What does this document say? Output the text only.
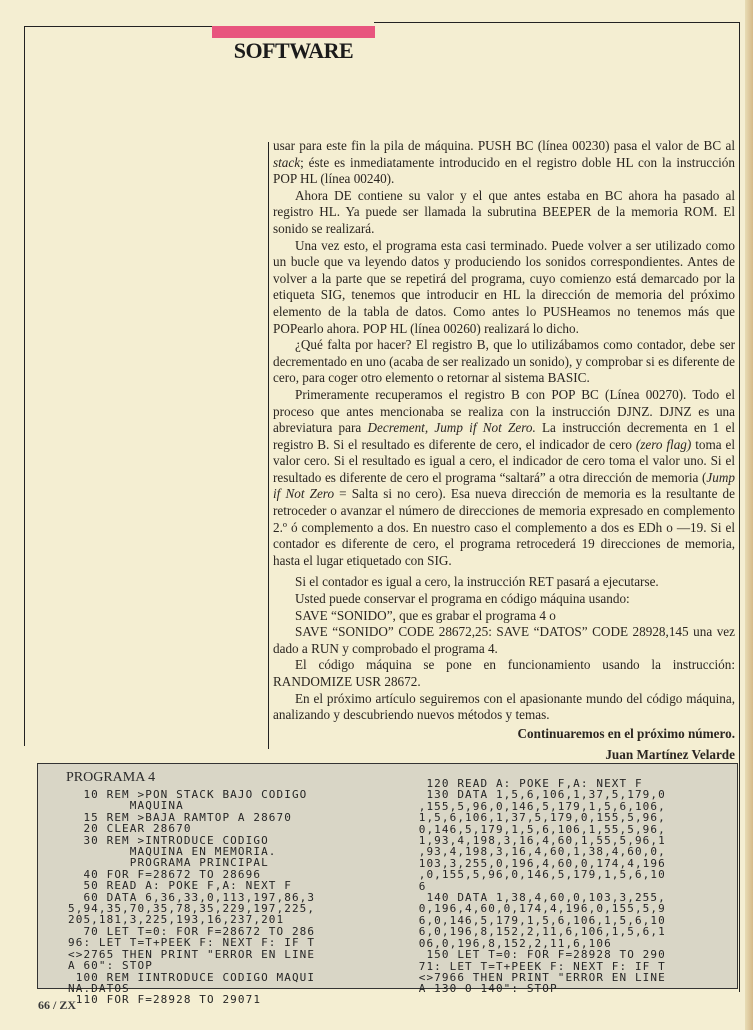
SOFTWARE

usar para este fin la pila de máquina. PUSH BC (línea 00230) pasa el valor de BC al stack; éste es inmediatamente introducido en el registro doble HL con la instrucción POP HL (línea 00240).

Ahora DE contiene su valor y el que antes estaba en BC ahora ha pasado al registro HL. Ya puede ser llamada la subrutina BEEPER de la memoria ROM. El sonido se realizará.

Una vez esto, el programa esta casi terminado. Puede volver a ser utilizado como un bucle que va leyendo datos y produciendo los sonidos correspondientes. Antes de volver a la parte que se repetirá del programa, cuyo comienzo está demarcado por la etiqueta SIG, tenemos que introducir en HL la dirección de memoria del próximo elemento de la tabla de datos. Como antes lo PUSHeamos no tenemos más que POPearlo ahora. POP HL (línea 00260) realizará lo dicho.

¿Qué falta por hacer? El registro B, que lo utilizábamos como contador, debe ser decrementado en uno (acaba de ser realizado un sonido), y comprobar si es diferente de cero, para coger otro elemento o retornar al sistema BASIC.

Primeramente recuperamos el registro B con POP BC (Línea 00270). Todo el proceso que antes mencionaba se realiza con la instrucción DJNZ. DJNZ es una abreviatura para Decrement, Jump if Not Zero. La instrucción decrementa en 1 el registro B. Si el resultado es diferente de cero, el indicador de cero (zero flag) toma el valor cero. Si el resultado es igual a cero, el indicador de cero toma el valor uno. Si el resultado es diferente de cero el programa “saltará” a otra dirección de memoria (Jump if Not Zero = Salta si no cero). Esa nueva dirección de memoria es la resultante de retroceder o avanzar el número de direcciones de memoria expresado en complemento 2.º ó complemento a dos. En nuestro caso el complemento a dos es EDh o —19. Si el contador es diferente de cero, el programa retrocederá 19 direcciones de memoria, hasta el lugar etiquetado con SIG.

Si el contador es igual a cero, la instrucción RET pasará a ejecutarse.

Usted puede conservar el programa en código máquina usando:

SAVE “SONIDO”, que es grabar el programa 4 o

SAVE “SONIDO” CODE 28672,25: SAVE “DATOS” CODE 28928,145 una vez dado a RUN y comprobado el programa 4.

El código máquina se pone en funcionamiento usando la instrucción: RANDOMIZE USR 28672.

En el próximo artículo seguiremos con el apasionante mundo del código máquina, analizando y descubriendo nuevos métodos y temas.

Continuaremos en el próximo número.

Juan Martínez Velarde

PROGRAMA 4
10 REM >PON STACK BAJO CODIGO
MAQUINA
15 REM >BAJA RAMTOP A 28670
20 CLEAR 28670
30 REM >INTRODUCE CODIGO
MAQUINA EN MEMORIA.
PROGRAMA PRINCIPAL
40 FOR F=28672 TO 28696
50 READ A: POKE F,A: NEXT F
60 DATA 6,36,33,0,113,197,86,3
5,94,35,70,35,78,35,229,197,225,
205,181,3,225,193,16,237,201
70 LET T=0: FOR F=28672 TO 286
96: LET T=T+PEEK F: NEXT F: IF T
<>2765 THEN PRINT "ERROR EN LINE
A 60": STOP
100 REM IINTRODUCE CODIGO MAQUI
NA.DATOS
110 FOR F=28928 TO 29071
120 READ A: POKE F,A: NEXT F
130 DATA 1,5,6,106,1,37,5,179,0
,155,5,96,0,146,5,179,1,5,6,106,
1,5,6,106,1,37,5,179,0,155,5,96,
0,146,5,179,1,5,6,106,1,55,5,96,
1,93,4,198,3,16,4,60,1,55,5,96,1
,93,4,198,3,16,4,60,1,38,4,60,0,
103,3,255,0,196,4,60,0,174,4,196
,0,155,5,96,0,146,5,179,1,5,6,10
6
140 DATA 1,38,4,60,0,103,3,255,
0,196,4,60,0,174,4,196,0,155,5,9
6,0,146,5,179,1,5,6,106,1,5,6,10
6,0,196,8,152,2,11,6,106,1,5,6,1
06,0,196,8,152,2,11,6,106
150 LET T=0: FOR F=28928 TO 290
71: LET T=T+PEEK F: NEXT F: IF T
<>7966 THEN PRINT "ERROR EN LINE
A 130 O 140": STOP
66 / ZX
